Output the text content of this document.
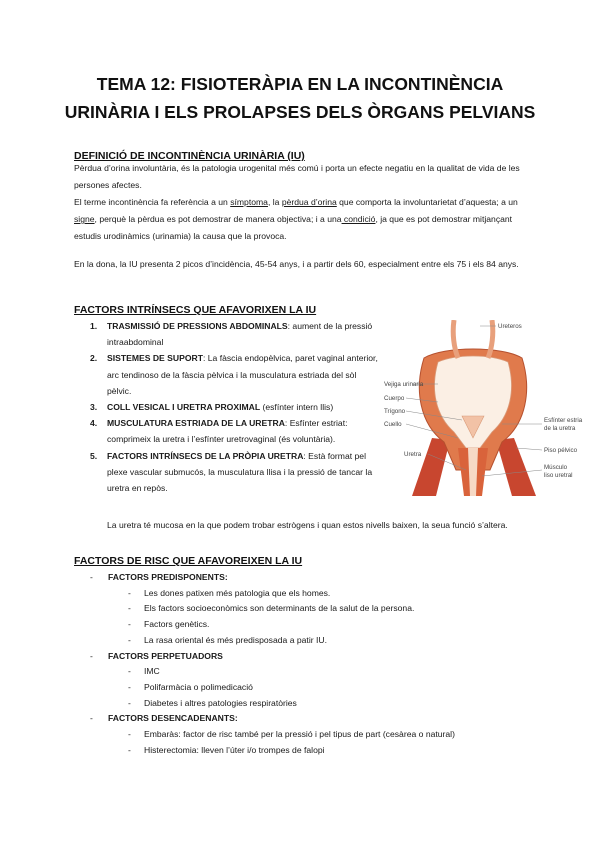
TEMA 12: FISIOTERÀPIA EN LA INCONTINÈNCIA
URINÀRIA I ELS PROLAPSES DELS ÒRGANS PELVIANS

DEFINICIÓ DE INCONTINÈNCIA URINÀRIA (IU)

Pèrdua d’orina involuntària, és la patologia urogenital més comú i porta un efecte negatiu en la qualitat de vida de les persones afectes.

El terme incontinència fa referència a un símptoma, la pèrdua d’orina que comporta la involuntarietat d’aquesta; a un signe, perquè la pèrdua es pot demostrar de manera objectiva; i a una condició, ja que es pot demostrar mitjançant estudis urodinàmics (urinamia) la causa que la provoca.

En la dona, la IU presenta 2 picos d’incidència, 45-54 anys, i a partir dels 60, especialment entre els 75 i els 84 anys.

FACTORS INTRÍNSECS QUE AFAVORIXEN LA IU

1. TRASMISSIÓ DE PRESSIONS ABDOMINALS: aument de la pressió intraabdominal
2. SISTEMES DE SUPORT: La fàscia endopèlvica, paret vaginal anterior, arc tendinoso de la fàscia pèlvica i la musculatura estriada del sòl pèlvic.
3. COLL VESICAL I URETRA PROXIMAL (esfínter intern llis)
4. MUSCULATURA ESTRIADA DE LA URETRA: Esfínter estriat: comprimeix la uretra i l’esfínter uretrovaginal (és voluntària).
5. FACTORS INTRÍNSECS DE LA PRÒPIA URETRA: Està format pel plexe vascular submucós, la musculatura llisa i la pressió de tancar la uretra en repòs.

La uretra té mucosa en la que podem trobar estrògens i quan estos nivells baixen, la seua funció s’altera.

Ureteros
Vejiga urinaria
Cuerpo
Trígono
Cuello
Uretra
Esfínter estria
de la uretra
Piso pélvico
Músculo
liso uretral

FACTORS DE RISC QUE AFAVOREIXEN LA IU

- FACTORS PREDISPONENTS:
- Les dones patixen més patologia que els homes.
- Els factors socioeconòmics son determinants de la salut de la persona.
- Factors genètics.
- La rasa oriental és més predisposada a patir IU.
- FACTORS PERPETUADORS
- IMC
- Polifarmàcia o polimedicació
- Diabetes i altres patologies respiratòries
- FACTORS DESENCADENANTS:
- Embaràs: factor de risc també per la pressió i pel tipus de part (cesàrea o natural)
- Histerectomia: lleven l’úter i/o trompes de falopi
